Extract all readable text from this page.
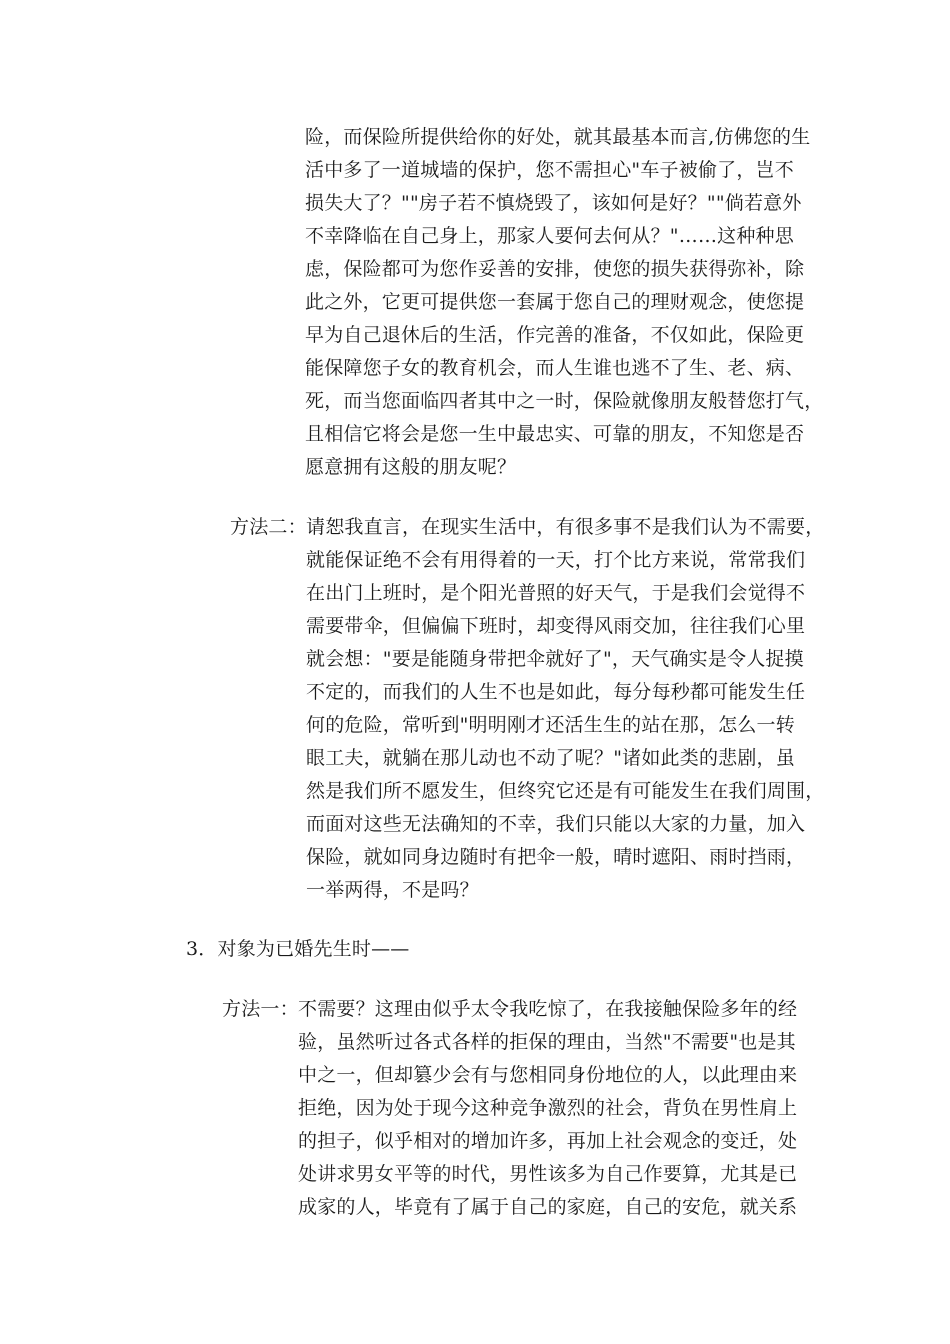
险，而保险所提供给你的好处，就其最基本而言,仿佛您的生

活中多了一道城墙的保护，您不需担心"车子被偷了，岂不

损失大了？""房子若不慎烧毁了，该如何是好？""倘若意外

不幸降临在自己身上，那家人要何去何从？"……这种种思

虑，保险都可为您作妥善的安排，使您的损失获得弥补，除

此之外，它更可提供您一套属于您自己的理财观念，使您提

早为自己退休后的生活，作完善的准备，不仅如此，保险更

能保障您子女的教育机会，而人生谁也逃不了生、老、病、

死，而当您面临四者其中之一时，保险就像朋友般替您打气，

且相信它将会是您一生中最忠实、可靠的朋友，不知您是否

愿意拥有这般的朋友呢？

方法二： 请恕我直言，在现实生活中，有很多事不是我们认为不需要，

就能保证绝不会有用得着的一天，打个比方来说，常常我们

在出门上班时，是个阳光普照的好天气，于是我们会觉得不

需要带伞，但偏偏下班时，却变得风雨交加，往往我们心里

就会想："要是能随身带把伞就好了"，天气确实是令人捉摸

不定的，而我们的人生不也是如此，每分每秒都可能发生任

何的危险，常听到"明明刚才还活生生的站在那，怎么一转

眼工夫，就躺在那儿动也不动了呢？"诸如此类的悲剧，虽

然是我们所不愿发生，但终究它还是有可能发生在我们周围，

而面对这些无法确知的不幸，我们只能以大家的力量，加入

保险，就如同身边随时有把伞一般，晴时遮阳、雨时挡雨，

一举两得，不是吗？

3．对象为已婚先生时——

方法一： 不需要？这理由似乎太令我吃惊了，在我接触保险多年的经

验，虽然听过各式各样的拒保的理由，当然"不需要"也是其

中之一，但却篡少会有与您相同身份地位的人，以此理由来

拒绝，因为处于现今这种竞争激烈的社会，背负在男性肩上

的担子，似乎相对的增加许多，再加上社会观念的变迁，处

处讲求男女平等的时代，男性该多为自己作要算，尤其是已

成家的人，毕竟有了属于自己的家庭，自己的安危，就关系
